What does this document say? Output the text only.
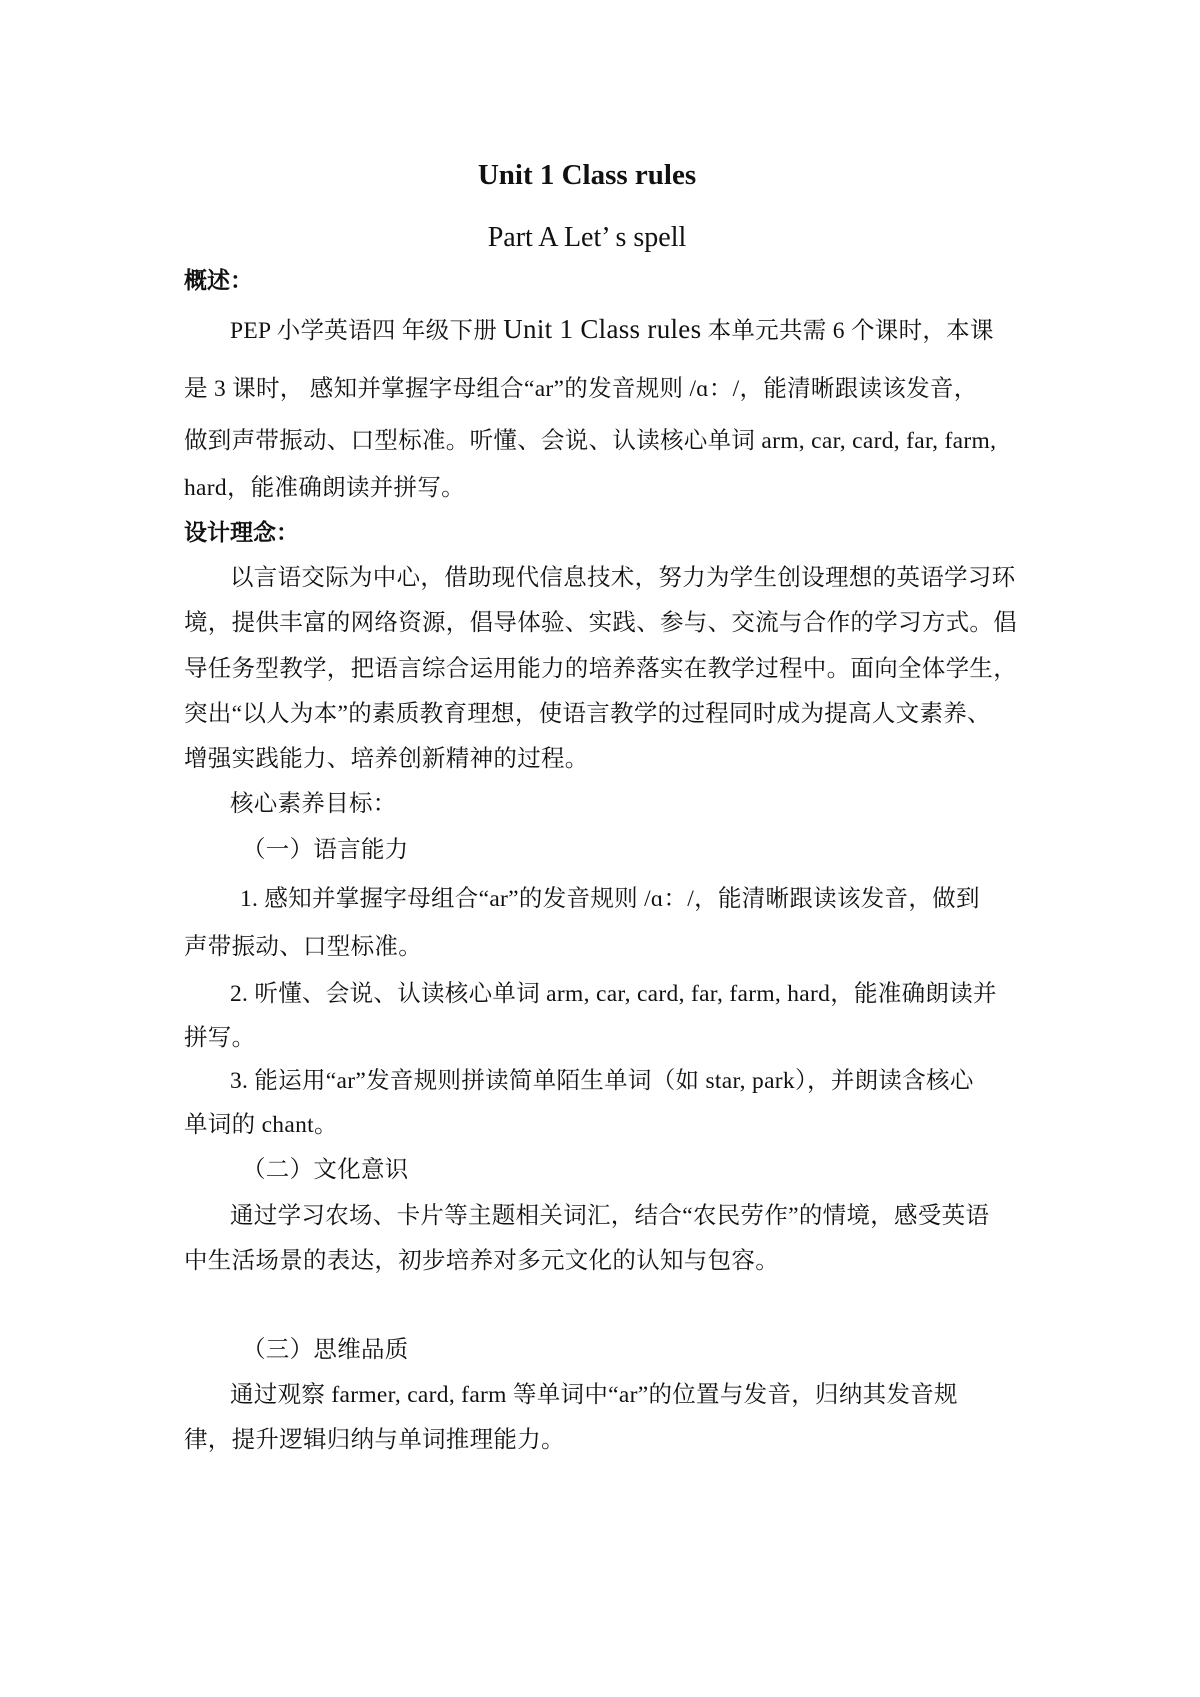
Unit 1 Class rules
Part A Let’ s spell
概述：
PEP 小学英语四 年级下册 Unit 1 Class rules 本单元共需 6 个课时，本课
是 3 课时， 感知并掌握字母组合“ar”的发音规则 /ɑ：/，能清晰跟读该发音，
做到声带振动、口型标准。听懂、会说、认读核心单词 arm, car, card, far, farm,
hard，能准确朗读并拼写。
设计理念：
以言语交际为中心，借助现代信息技术，努力为学生创设理想的英语学习环
境，提供丰富的网络资源，倡导体验、实践、参与、交流与合作的学习方式。倡
导任务型教学，把语言综合运用能力的培养落实在教学过程中。面向全体学生，
突出“以人为本”的素质教育理想，使语言教学的过程同时成为提高人文素养、
增强实践能力、培养创新精神的过程。
核心素养目标：
（一）语言能力
1. 感知并掌握字母组合“ar”的发音规则 /ɑ：/，能清晰跟读该发音，做到
声带振动、口型标准。
2. 听懂、会说、认读核心单词 arm, car, card, far, farm, hard，能准确朗读并
拼写。
3. 能运用“ar”发音规则拼读简单陌生单词（如 star, park），并朗读含核心
单词的 chant。
（二）文化意识
通过学习农场、卡片等主题相关词汇，结合“农民劳作”的情境，感受英语
中生活场景的表达，初步培养对多元文化的认知与包容。
（三）思维品质
通过观察 farmer, card, farm 等单词中“ar”的位置与发音，归纳其发音规
律，提升逻辑归纳与单词推理能力。
